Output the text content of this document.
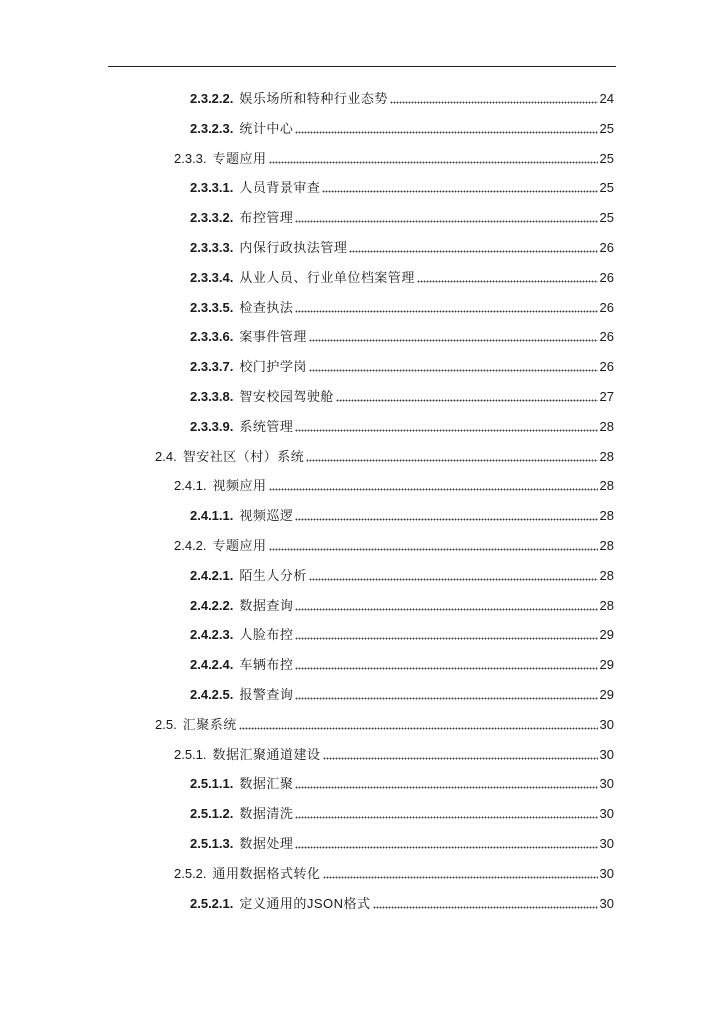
2.3.2.2. 娱乐场所和特种行业态势	24
2.3.2.3. 统计中心	25
2.3.3. 专题应用	25
2.3.3.1. 人员背景审查	25
2.3.3.2. 布控管理	25
2.3.3.3. 内保行政执法管理	26
2.3.3.4. 从业人员、行业单位档案管理	26
2.3.3.5. 检查执法	26
2.3.3.6. 案事件管理	26
2.3.3.7. 校门护学岗	26
2.3.3.8. 智安校园驾驶舱	27
2.3.3.9. 系统管理	28
2.4. 智安社区（村）系统	28
2.4.1. 视频应用	28
2.4.1.1. 视频巡逻	28
2.4.2. 专题应用	28
2.4.2.1. 陌生人分析	28
2.4.2.2. 数据查询	28
2.4.2.3. 人脸布控	29
2.4.2.4. 车辆布控	29
2.4.2.5. 报警查询	29
2.5. 汇聚系统	30
2.5.1. 数据汇聚通道建设	30
2.5.1.1. 数据汇聚	30
2.5.1.2. 数据清洗	30
2.5.1.3. 数据处理	30
2.5.2. 通用数据格式转化	30
2.5.2.1. 定义通用的JSON格式	30
